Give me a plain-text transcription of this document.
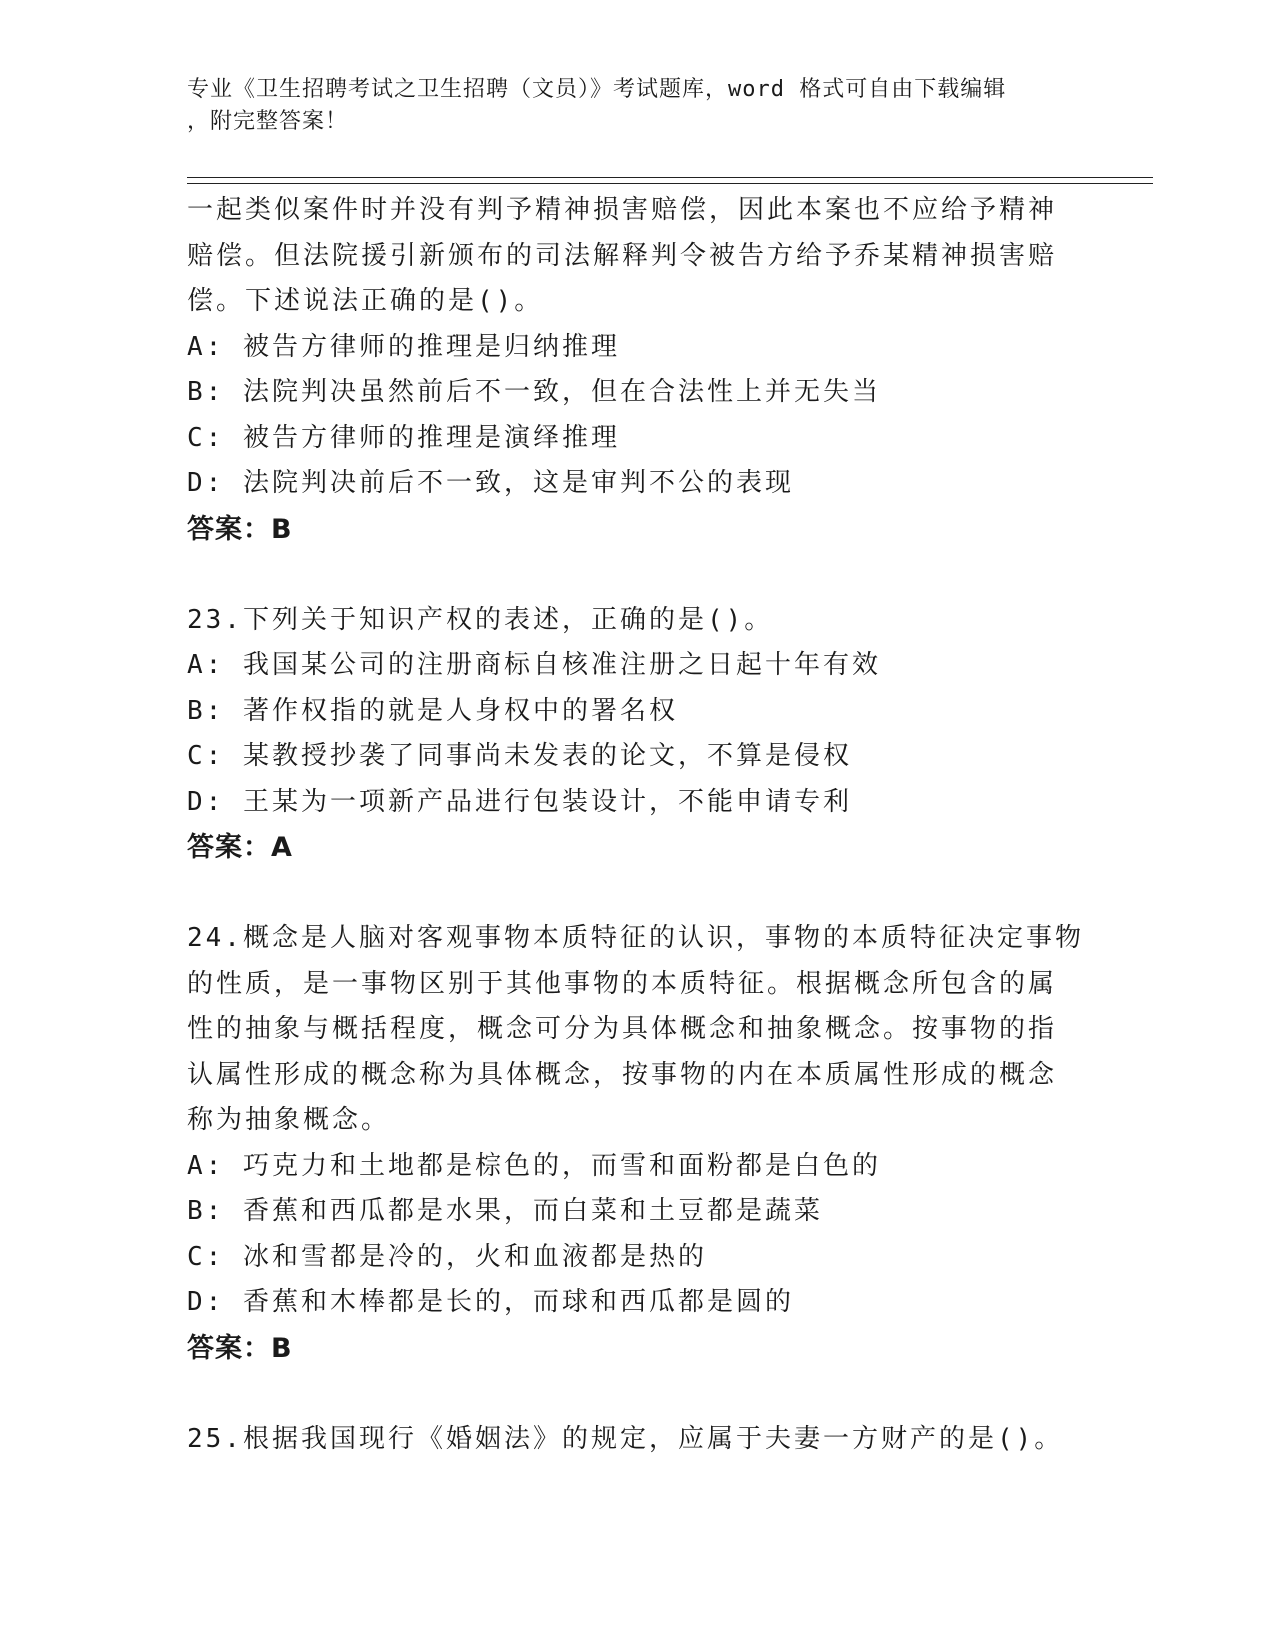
专业《卫生招聘考试之卫生招聘（文员）》考试题库，word 格式可自由下载编辑
，附完整答案！
一起类似案件时并没有判予精神损害赔偿，因此本案也不应给予精神
赔偿。但法院援引新颁布的司法解释判令被告方给予乔某精神损害赔
偿。下述说法正确的是()。
A: 被告方律师的推理是归纳推理
B: 法院判决虽然前后不一致，但在合法性上并无失当
C: 被告方律师的推理是演绎推理
D: 法院判决前后不一致，这是审判不公的表现
答案：B
23.下列关于知识产权的表述，正确的是()。
A: 我国某公司的注册商标自核准注册之日起十年有效
B: 著作权指的就是人身权中的署名权
C: 某教授抄袭了同事尚未发表的论文，不算是侵权
D: 王某为一项新产品进行包装设计，不能申请专利
答案：A
24.概念是人脑对客观事物本质特征的认识，事物的本质特征决定事物
的性质，是一事物区别于其他事物的本质特征。根据概念所包含的属
性的抽象与概括程度，概念可分为具体概念和抽象概念。按事物的指
认属性形成的概念称为具体概念，按事物的内在本质属性形成的概念
称为抽象概念。
A: 巧克力和土地都是棕色的，而雪和面粉都是白色的
B: 香蕉和西瓜都是水果，而白菜和土豆都是蔬菜
C: 冰和雪都是冷的，火和血液都是热的
D: 香蕉和木棒都是长的，而球和西瓜都是圆的
答案：B
25.根据我国现行《婚姻法》的规定，应属于夫妻一方财产的是()。
